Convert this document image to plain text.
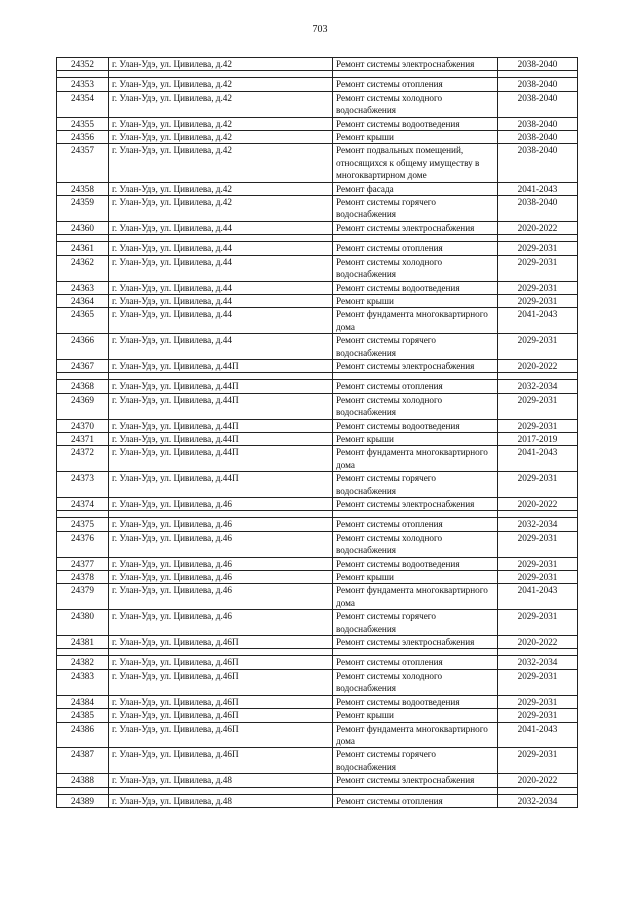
703
24352	г. Улан-Удэ, ул. Цивилева, д.42	Ремонт системы электроснабжения	2038-2040

24353	г. Улан-Удэ, ул. Цивилева, д.42	Ремонт системы отопления	2038-2040
24354	г. Улан-Удэ, ул. Цивилева, д.42	Ремонт системы холодного водоснабжения	2038-2040
24355	г. Улан-Удэ, ул. Цивилева, д.42	Ремонт системы водоотведения	2038-2040
24356	г. Улан-Удэ, ул. Цивилева, д.42	Ремонт крыши	2038-2040
24357	г. Улан-Удэ, ул. Цивилева, д.42	Ремонт подвальных помещений, относящихся к общему имуществу в многоквартирном доме	2038-2040
24358	г. Улан-Удэ, ул. Цивилева, д.42	Ремонт фасада	2041-2043
24359	г. Улан-Удэ, ул. Цивилева, д.42	Ремонт системы горячего водоснабжения	2038-2040
24360	г. Улан-Удэ, ул. Цивилева, д.44	Ремонт системы электроснабжения	2020-2022

24361	г. Улан-Удэ, ул. Цивилева, д.44	Ремонт системы отопления	2029-2031
24362	г. Улан-Удэ, ул. Цивилева, д.44	Ремонт системы холодного водоснабжения	2029-2031
24363	г. Улан-Удэ, ул. Цивилева, д.44	Ремонт системы водоотведения	2029-2031
24364	г. Улан-Удэ, ул. Цивилева, д.44	Ремонт крыши	2029-2031
24365	г. Улан-Удэ, ул. Цивилева, д.44	Ремонт фундамента многоквартирного дома	2041-2043
24366	г. Улан-Удэ, ул. Цивилева, д.44	Ремонт системы горячего водоснабжения	2029-2031
24367	г. Улан-Удэ, ул. Цивилева, д.44П	Ремонт системы электроснабжения	2020-2022

24368	г. Улан-Удэ, ул. Цивилева, д.44П	Ремонт системы отопления	2032-2034
24369	г. Улан-Удэ, ул. Цивилева, д.44П	Ремонт системы холодного водоснабжения	2029-2031
24370	г. Улан-Удэ, ул. Цивилева, д.44П	Ремонт системы водоотведения	2029-2031
24371	г. Улан-Удэ, ул. Цивилева, д.44П	Ремонт крыши	2017-2019
24372	г. Улан-Удэ, ул. Цивилева, д.44П	Ремонт фундамента многоквартирного дома	2041-2043
24373	г. Улан-Удэ, ул. Цивилева, д.44П	Ремонт системы горячего водоснабжения	2029-2031
24374	г. Улан-Удэ, ул. Цивилева, д.46	Ремонт системы электроснабжения	2020-2022

24375	г. Улан-Удэ, ул. Цивилева, д.46	Ремонт системы отопления	2032-2034
24376	г. Улан-Удэ, ул. Цивилева, д.46	Ремонт системы холодного водоснабжения	2029-2031
24377	г. Улан-Удэ, ул. Цивилева, д.46	Ремонт системы водоотведения	2029-2031
24378	г. Улан-Удэ, ул. Цивилева, д.46	Ремонт крыши	2029-2031
24379	г. Улан-Удэ, ул. Цивилева, д.46	Ремонт фундамента многоквартирного дома	2041-2043
24380	г. Улан-Удэ, ул. Цивилева, д.46	Ремонт системы горячего водоснабжения	2029-2031
24381	г. Улан-Удэ, ул. Цивилева, д.46П	Ремонт системы электроснабжения	2020-2022

24382	г. Улан-Удэ, ул. Цивилева, д.46П	Ремонт системы отопления	2032-2034
24383	г. Улан-Удэ, ул. Цивилева, д.46П	Ремонт системы холодного водоснабжения	2029-2031
24384	г. Улан-Удэ, ул. Цивилева, д.46П	Ремонт системы водоотведения	2029-2031
24385	г. Улан-Удэ, ул. Цивилева, д.46П	Ремонт крыши	2029-2031
24386	г. Улан-Удэ, ул. Цивилева, д.46П	Ремонт фундамента многоквартирного дома	2041-2043
24387	г. Улан-Удэ, ул. Цивилева, д.46П	Ремонт системы горячего водоснабжения	2029-2031
24388	г. Улан-Удэ, ул. Цивилева, д.48	Ремонт системы электроснабжения	2020-2022

24389	г. Улан-Удэ, ул. Цивилева, д.48	Ремонт системы отопления	2032-2034
